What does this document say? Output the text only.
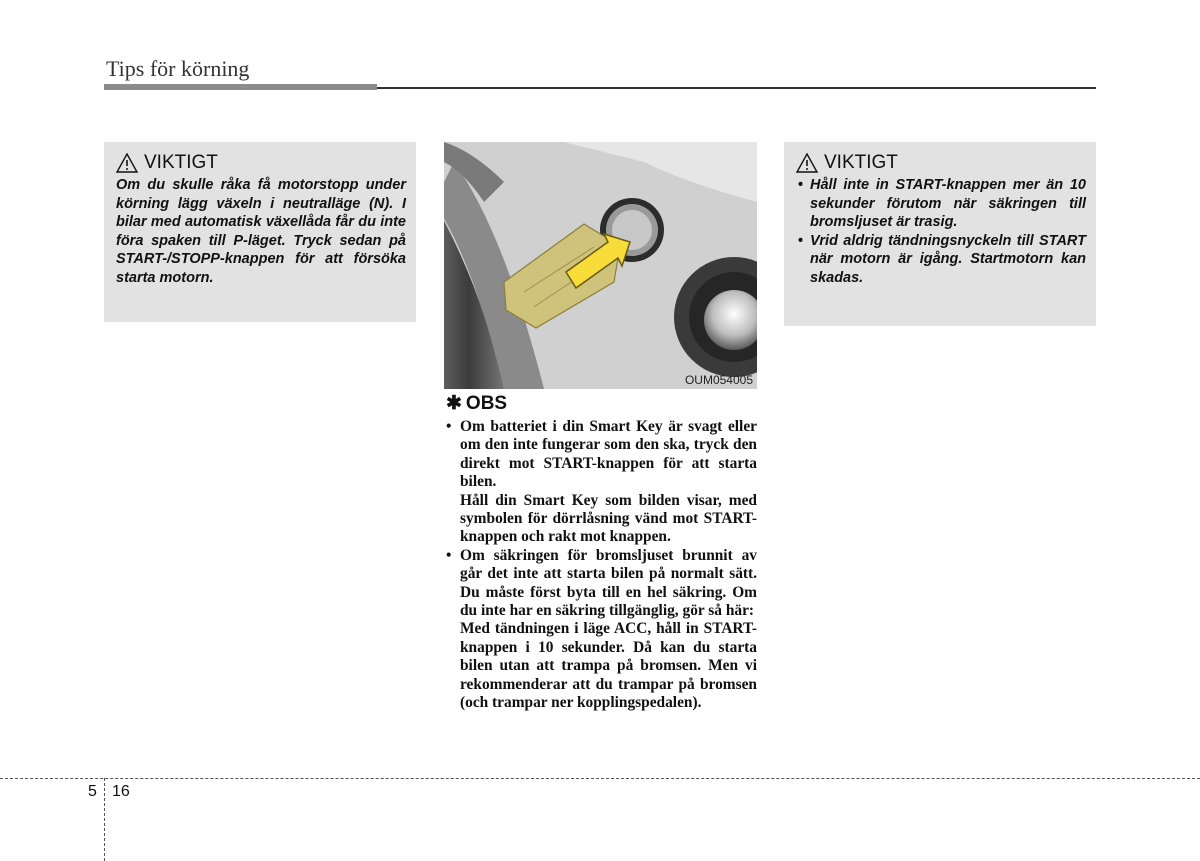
Tips för körning
VIKTIGT

Om du skulle råka få motorstopp under körning lägg växeln i neutralläge (N). I bilar med automatisk växellåda får du inte föra spaken till P-läget. Tryck sedan på START-/STOPP-knappen för att försöka starta motorn.

OUM054005
✱ OBS

• Om batteriet i din Smart Key är svagt eller om den inte fungerar som den ska, tryck den direkt mot START-knappen för att starta bilen.

Håll din Smart Key som bilden visar, med symbolen för dörrlåsning vänd mot START-knappen och rakt mot knappen.

• Om säkringen för bromsljuset brunnit av går det inte att starta bilen på normalt sätt. Du måste först byta till en hel säkring. Om du inte har en säkring tillgänglig, gör så här:

Med tändningen i läge ACC, håll in START-knappen i 10 sekunder. Då kan du starta bilen utan att trampa på bromsen. Men vi rekommenderar att du trampar på bromsen (och trampar ner kopplingspedalen).

VIKTIGT
• Håll inte in START-knappen mer än 10 sekunder förutom när säkringen till bromsljuset är trasig.
• Vrid aldrig tändningsnyckeln till START när motorn är igång. Startmotorn kan skadas.
5 16
